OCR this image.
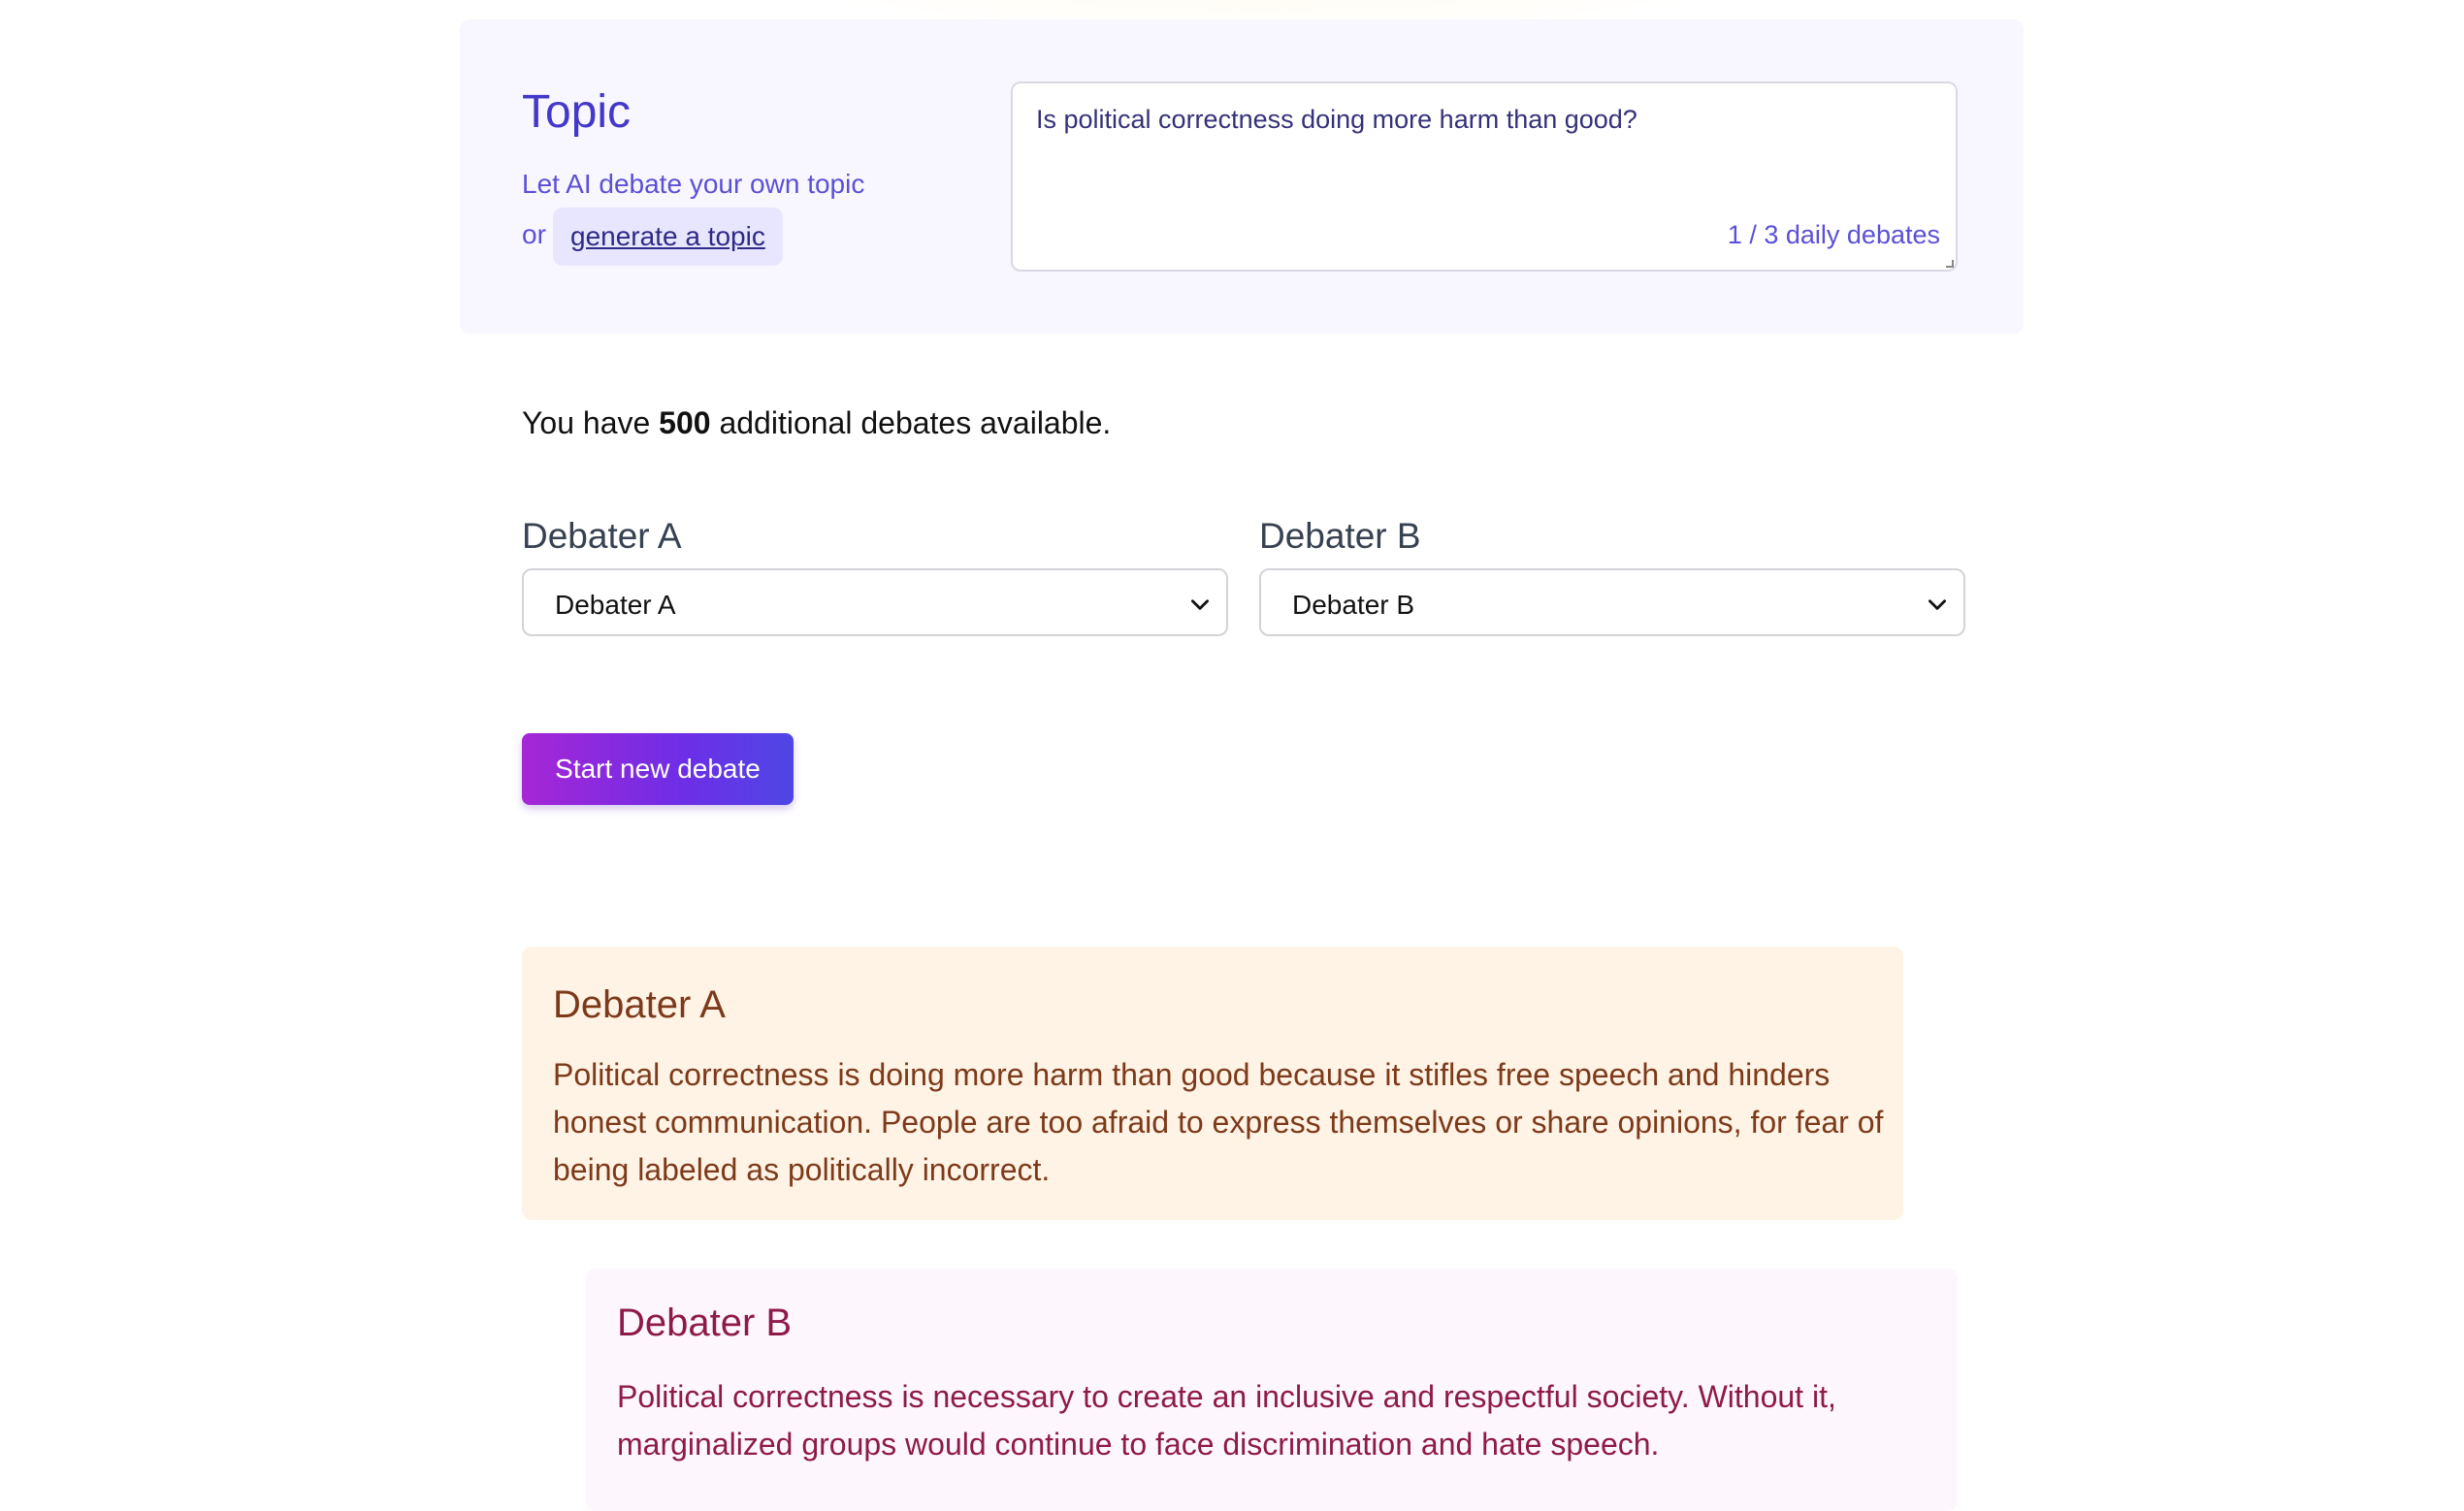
Topic
Let AI debate your own topic
or generate a topic
Is political correctness doing more harm than good?
1 / 3 daily debates
You have 500 additional debates available.
Debater A
Debater A
Debater B
Debater B
Start new debate
Debater A
Political correctness is doing more harm than good because it stifles free speech and hinders honest communication. People are too afraid to express themselves or share opinions, for fear of being labeled as politically incorrect.
Debater B
Political correctness is necessary to create an inclusive and respectful society. Without it, marginalized groups would continue to face discrimination and hate speech.
